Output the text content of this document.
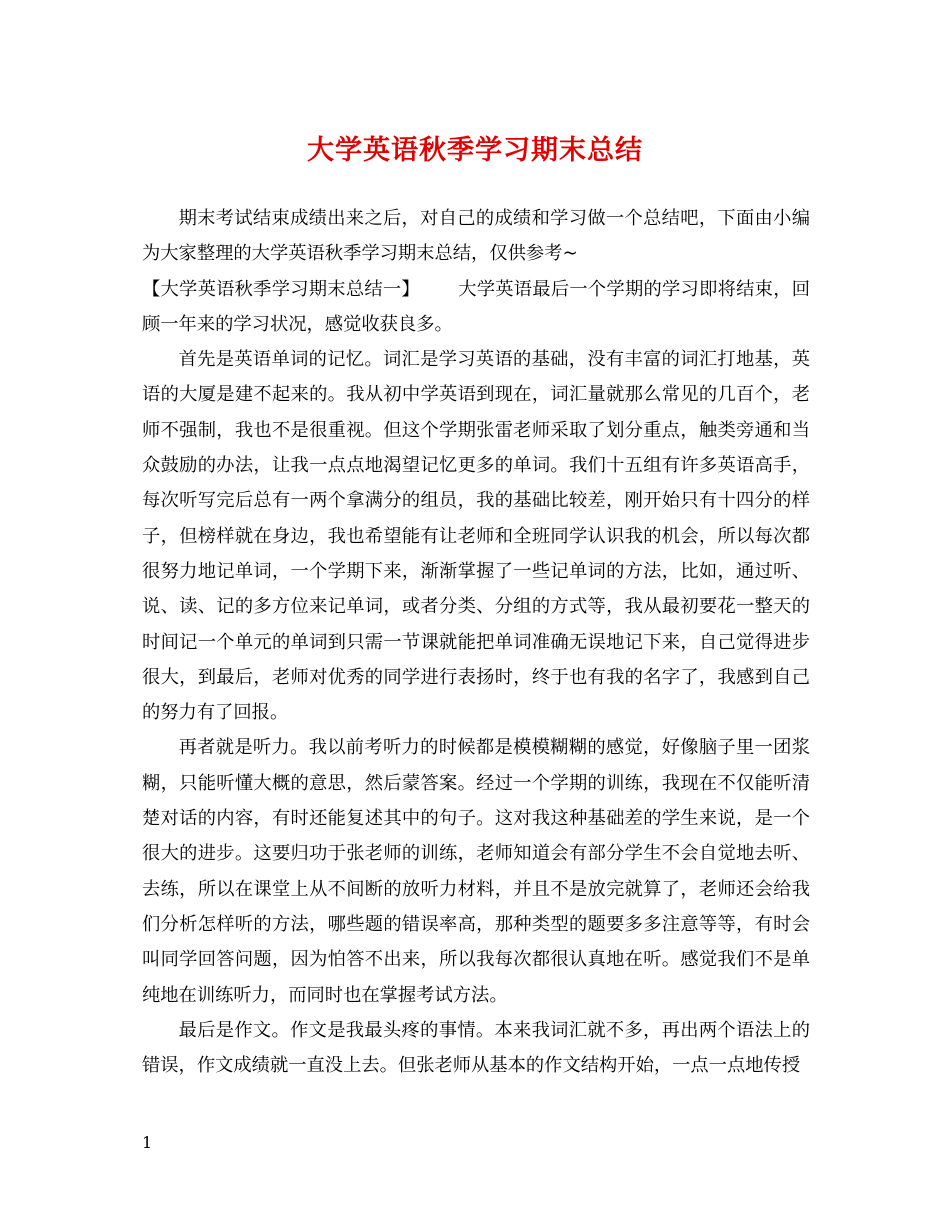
大学英语秋季学习期末总结

期末考试结束成绩出来之后，对自己的成绩和学习做一个总结吧，下面由小编为大家整理的大学英语秋季学习期末总结，仅供参考~

【大学英语秋季学习期末总结一】 大学英语最后一个学期的学习即将结束，回顾一年来的学习状况，感觉收获良多。

首先是英语单词的记忆。词汇是学习英语的基础，没有丰富的词汇打地基，英语的大厦是建不起来的。我从初中学英语到现在，词汇量就那么常见的几百个，老师不强制，我也不是很重视。但这个学期张雷老师采取了划分重点，触类旁通和当众鼓励的办法，让我一点点地渴望记忆更多的单词。我们十五组有许多英语高手，每次听写完后总有一两个拿满分的组员，我的基础比较差，刚开始只有十四分的样子，但榜样就在身边，我也希望能有让老师和全班同学认识我的机会，所以每次都很努力地记单词，一个学期下来，渐渐掌握了一些记单词的方法，比如，通过听、说、读、记的多方位来记单词，或者分类、分组的方式等，我从最初要花一整天的时间记一个单元的单词到只需一节课就能把单词准确无误地记下来，自己觉得进步很大，到最后，老师对优秀的同学进行表扬时，终于也有我的名字了，我感到自己的努力有了回报。

再者就是听力。我以前考听力的时候都是模模糊糊的感觉，好像脑子里一团浆糊，只能听懂大概的意思，然后蒙答案。经过一个学期的训练，我现在不仅能听清楚对话的内容，有时还能复述其中的句子。这对我这种基础差的学生来说，是一个很大的进步。这要归功于张老师的训练，老师知道会有部分学生不会自觉地去听、去练，所以在课堂上从不间断的放听力材料，并且不是放完就算了，老师还会给我们分析怎样听的方法，哪些题的错误率高，那种类型的题要多多注意等等，有时会叫同学回答问题，因为怕答不出来，所以我每次都很认真地在听。感觉我们不是单纯地在训练听力，而同时也在掌握考试方法。

最后是作文。作文是我最头疼的事情。本来我词汇就不多，再出两个语法上的错误，作文成绩就一直没上去。但张老师从基本的作文结构开始，一点一点地传授

1
